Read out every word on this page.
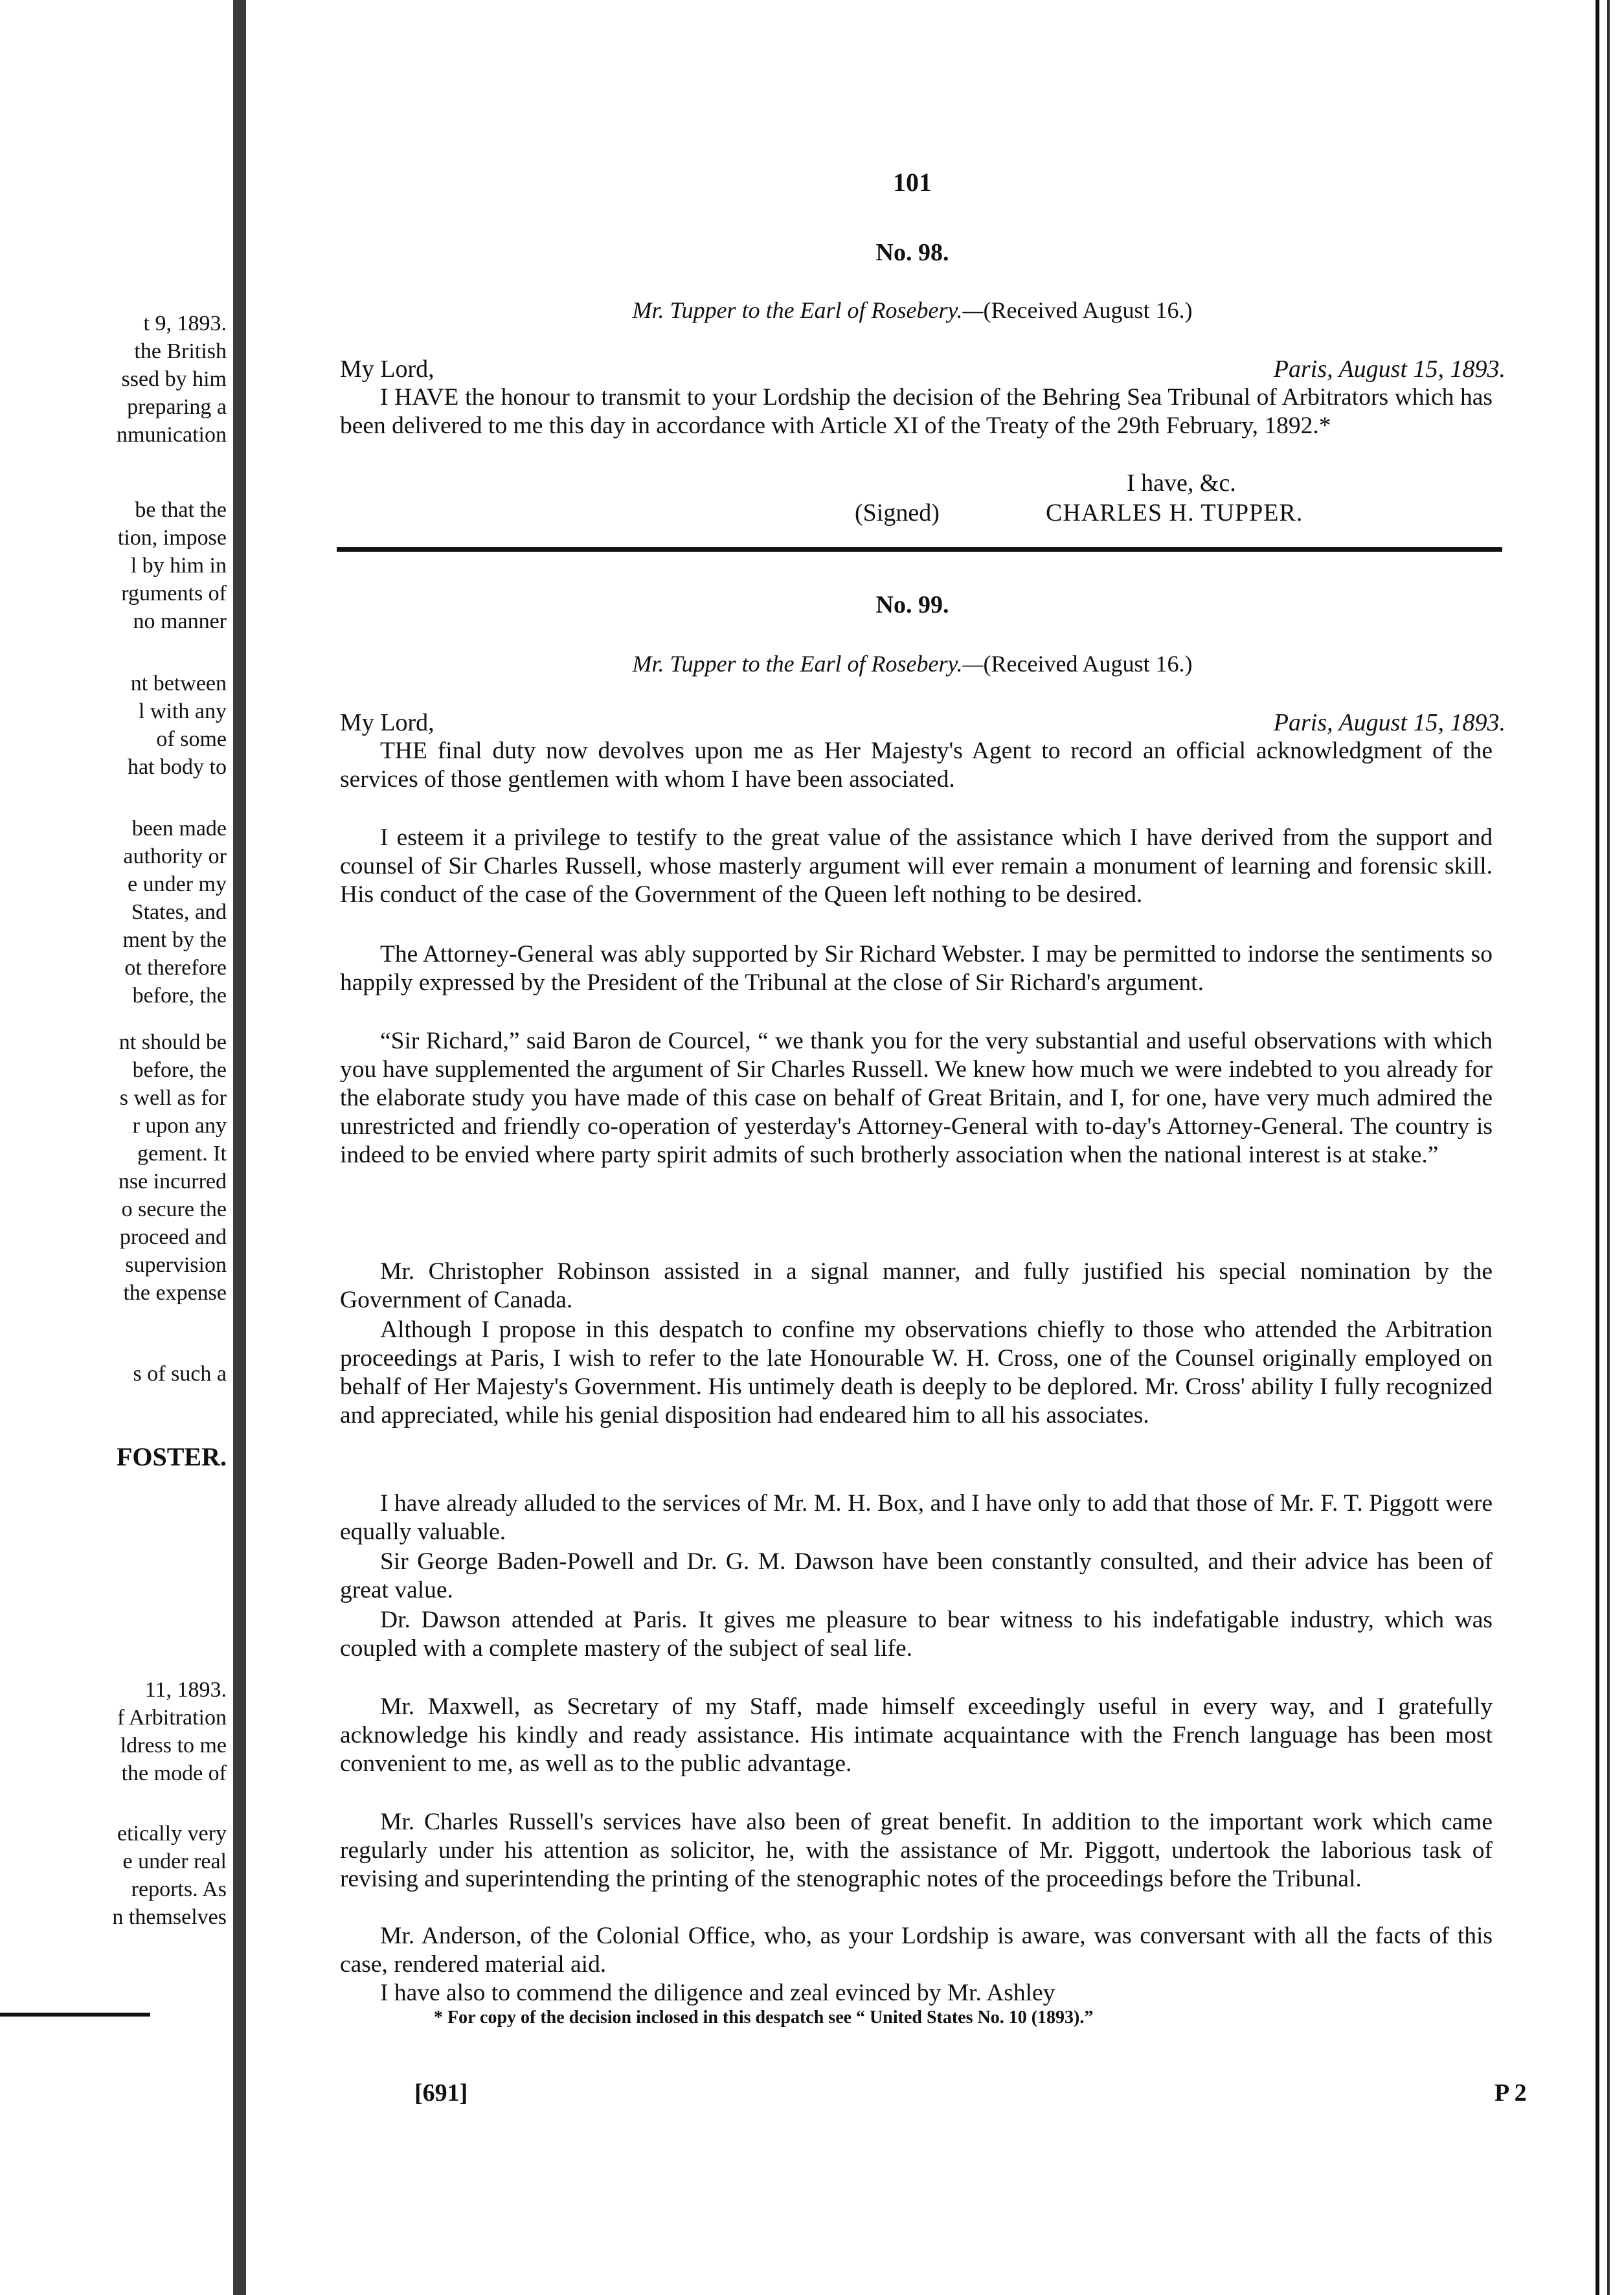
t 9, 1893.
the British
ssed by him
preparing a
nmunication
be that the
tion, impose
l by him in
rguments of
no manner
nt between
l with any
of some
hat body to
been made
authority or
e under my
States, and
ment by the
ot therefore
before, the
nt should be
before, the
s well as for
r upon any
gement. It
nse incurred
o secure the
proceed and
supervision
the expense
s of such a
FOSTER.
11, 1893.
f Arbitration
ldress to me
the mode of
etically very
e under real
reports. As
n themselves
101
No. 98.
Mr. Tupper to the Earl of Rosebery.—(Received August 16.)
My Lord,	Paris, August 15, 1893.
I HAVE the honour to transmit to your Lordship the decision of the Behring Sea Tribunal of Arbitrators which has been delivered to me this day in accordance with Article XI of the Treaty of the 29th February, 1892.*
I have, &c.
(Signed)	CHARLES H. TUPPER.
No. 99.
Mr. Tupper to the Earl of Rosebery.—(Received August 16.)
My Lord,	Paris, August 15, 1893.
THE final duty now devolves upon me as Her Majesty's Agent to record an official acknowledgment of the services of those gentlemen with whom I have been associated.
I esteem it a privilege to testify to the great value of the assistance which I have derived from the support and counsel of Sir Charles Russell, whose masterly argument will ever remain a monument of learning and forensic skill. His conduct of the case of the Government of the Queen left nothing to be desired.
The Attorney-General was ably supported by Sir Richard Webster. I may be permitted to indorse the sentiments so happily expressed by the President of the Tribunal at the close of Sir Richard's argument.
“Sir Richard,” said Baron de Courcel, “ we thank you for the very substantial and useful observations with which you have supplemented the argument of Sir Charles Russell. We knew how much we were indebted to you already for the elaborate study you have made of this case on behalf of Great Britain, and I, for one, have very much admired the unrestricted and friendly co-operation of yesterday's Attorney-General with to-day's Attorney-General. The country is indeed to be envied where party spirit admits of such brotherly association when the national interest is at stake.”
Mr. Christopher Robinson assisted in a signal manner, and fully justified his special nomination by the Government of Canada.
Although I propose in this despatch to confine my observations chiefly to those who attended the Arbitration proceedings at Paris, I wish to refer to the late Honourable W. H. Cross, one of the Counsel originally employed on behalf of Her Majesty's Government. His untimely death is deeply to be deplored. Mr. Cross' ability I fully recognized and appreciated, while his genial disposition had endeared him to all his associates.
I have already alluded to the services of Mr. M. H. Box, and I have only to add that those of Mr. F. T. Piggott were equally valuable.
Sir George Baden-Powell and Dr. G. M. Dawson have been constantly consulted, and their advice has been of great value.
Dr. Dawson attended at Paris. It gives me pleasure to bear witness to his indefatigable industry, which was coupled with a complete mastery of the subject of seal life.
Mr. Maxwell, as Secretary of my Staff, made himself exceedingly useful in every way, and I gratefully acknowledge his kindly and ready assistance. His intimate acquaintance with the French language has been most convenient to me, as well as to the public advantage.
Mr. Charles Russell's services have also been of great benefit. In addition to the important work which came regularly under his attention as solicitor, he, with the assistance of Mr. Piggott, undertook the laborious task of revising and superintending the printing of the stenographic notes of the proceedings before the Tribunal.
Mr. Anderson, of the Colonial Office, who, as your Lordship is aware, was conversant with all the facts of this case, rendered material aid.
I have also to commend the diligence and zeal evinced by Mr. Ashley
* For copy of the decision inclosed in this despatch see “ United States No. 10 (1893).”
[691]	P 2
